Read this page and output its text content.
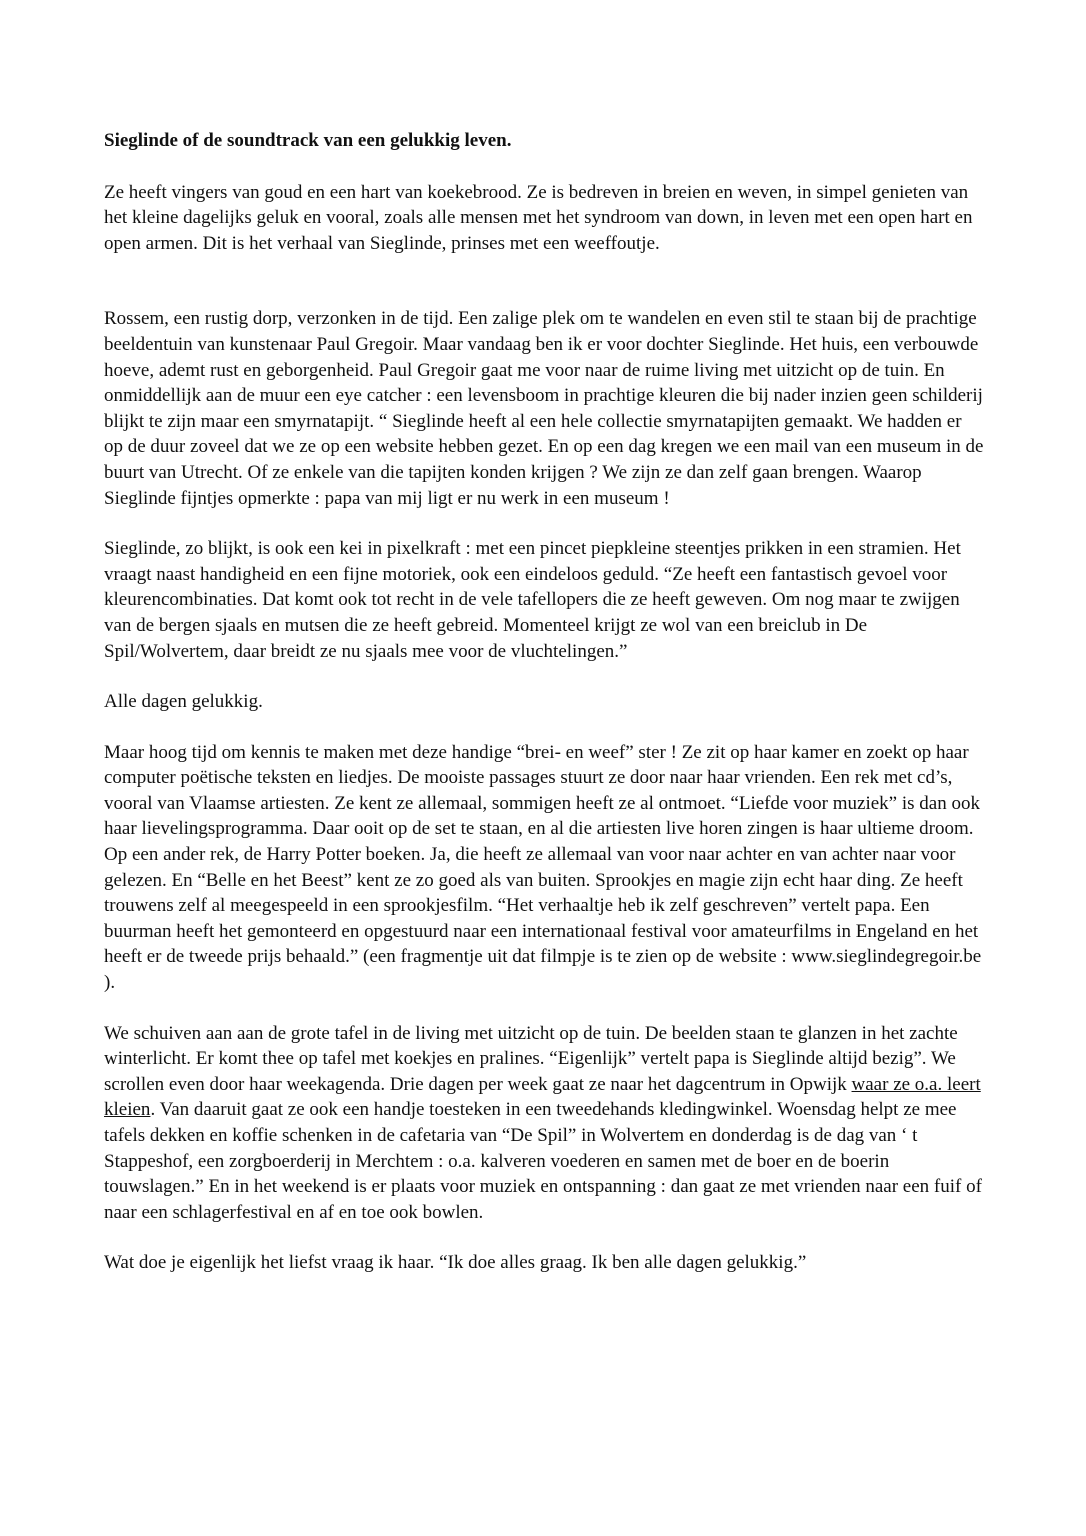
Sieglinde of de soundtrack van een gelukkig leven.

Ze heeft vingers van goud en een hart van koekebrood. Ze is bedreven in breien en weven, in simpel genieten van het kleine dagelijks geluk en vooral, zoals alle mensen met het syndroom van down, in leven met een open hart en open armen. Dit is het verhaal van Sieglinde, prinses met een weeffoutje.

Rossem, een rustig dorp, verzonken in de tijd. Een zalige plek om te wandelen en even stil te staan bij de prachtige beeldentuin van kunstenaar Paul Gregoir. Maar vandaag ben ik er voor dochter Sieglinde. Het huis, een verbouwde hoeve, ademt rust en geborgenheid. Paul Gregoir gaat me voor naar de ruime living met uitzicht op de tuin. En onmiddellijk aan de muur een eye catcher : een levensboom in prachtige kleuren die bij nader inzien geen schilderij blijkt te zijn maar een smyrnatapijt. “ Sieglinde heeft al een hele collectie smyrnatapijten gemaakt. We hadden er op de duur zoveel dat we ze op een website hebben gezet. En op een dag kregen we een mail van een museum in de buurt van Utrecht. Of ze enkele van die tapijten konden krijgen ? We zijn ze dan zelf gaan brengen. Waarop Sieglinde fijntjes opmerkte : papa van mij ligt er nu werk in een museum !

Sieglinde, zo blijkt, is ook een kei in pixelkraft : met een pincet piepkleine steentjes prikken in een stramien. Het vraagt naast handigheid en een fijne motoriek, ook een eindeloos geduld. “Ze heeft een fantastisch gevoel voor kleurencombinaties. Dat komt ook tot recht in de vele tafellopers die ze heeft geweven. Om nog maar te zwijgen van de bergen sjaals en mutsen die ze heeft gebreid. Momenteel krijgt ze wol van een breiclub in De Spil/Wolvertem, daar breidt ze nu sjaals mee voor de vluchtelingen.”

Alle dagen gelukkig.

Maar hoog tijd om kennis te maken met deze handige “brei- en weef” ster ! Ze zit op haar kamer en zoekt op haar computer poëtische teksten en liedjes. De mooiste passages stuurt ze door naar haar vrienden. Een rek met cd’s, vooral van Vlaamse artiesten. Ze kent ze allemaal, sommigen heeft ze al ontmoet. “Liefde voor muziek” is dan ook haar lievelingsprogramma. Daar ooit op de set te staan, en al die artiesten live horen zingen is haar ultieme droom. Op een ander rek, de Harry Potter boeken. Ja, die heeft ze allemaal van voor naar achter en van achter naar voor gelezen. En “Belle en het Beest” kent ze zo goed als van buiten. Sprookjes en magie zijn echt haar ding. Ze heeft trouwens zelf al meegespeeld in een sprookjesfilm. “Het verhaaltje heb ik zelf geschreven” vertelt papa. Een buurman heeft het gemonteerd en opgestuurd naar een internationaal festival voor amateurfilms in Engeland en het heeft er de tweede prijs behaald.” (een fragmentje uit dat filmpje is te zien op de website : www.sieglindegregoir.be ).

We schuiven aan aan de grote tafel in de living met uitzicht op de tuin. De beelden staan te glanzen in het zachte winterlicht. Er komt thee op tafel met koekjes en pralines. “Eigenlijk” vertelt papa is Sieglinde altijd bezig”. We scrollen even door haar weekagenda. Drie dagen per week gaat ze naar het dagcentrum in Opwijk waar ze o.a. leert kleien. Van daaruit gaat ze ook een handje toesteken in een tweedehands kledingwinkel. Woensdag helpt ze mee tafels dekken en koffie schenken in de cafetaria van “De Spil” in Wolvertem en donderdag is de dag van ‘ t Stappeshof, een zorgboerderij in Merchtem : o.a. kalveren voederen en samen met de boer en de boerin touwslagen.” En in het weekend is er plaats voor muziek en ontspanning : dan gaat ze met vrienden naar een fuif of naar een schlagerfestival en af en toe ook bowlen.

Wat doe je eigenlijk het liefst vraag ik haar. “Ik doe alles graag. Ik ben alle dagen gelukkig.”
